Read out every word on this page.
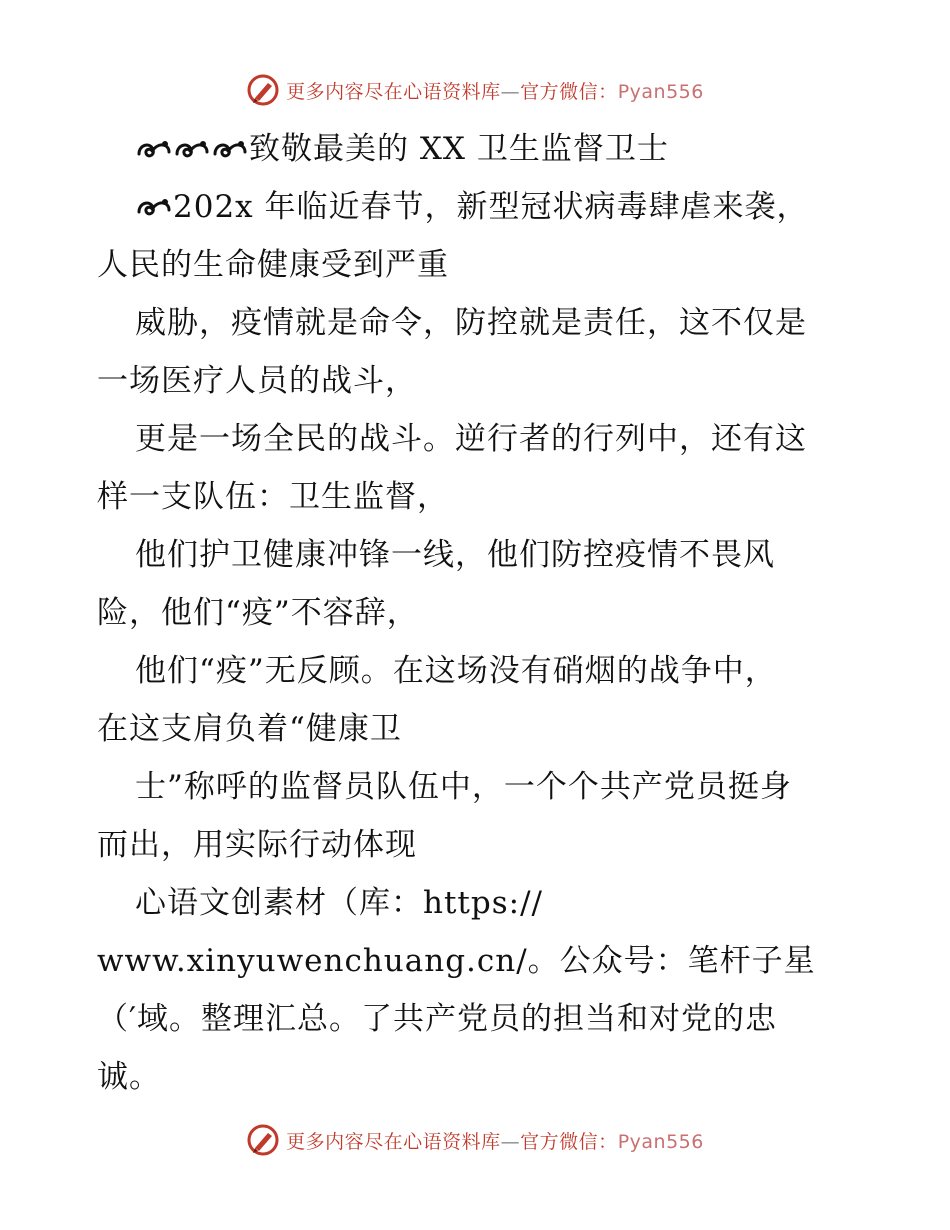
更多内容尽在心语资料库—官方微信：Pyan556
致敬最美的 XX 卫生监督卫士
202x 年临近春节，新型冠状病毒肆虐来袭，
人民的生命健康受到严重
威胁，疫情就是命令，防控就是责任，这不仅是
一场医疗人员的战斗，
更是一场全民的战斗。逆行者的行列中，还有这
样一支队伍：卫生监督，
他们护卫健康冲锋一线，他们防控疫情不畏风
险，他们“疫”不容辞，
他们“疫”无反顾。在这场没有硝烟的战争中，
在这支肩负着“健康卫
士”称呼的监督员队伍中，一个个共产党员挺身
而出，用实际行动体现
心语文创素材（库：https://
www.xinyuwenchuang.cn/。公众号：笔杆子星
（′域。整理汇总。了共产党员的担当和对党的忠
诚。
更多内容尽在心语资料库—官方微信：Pyan556
